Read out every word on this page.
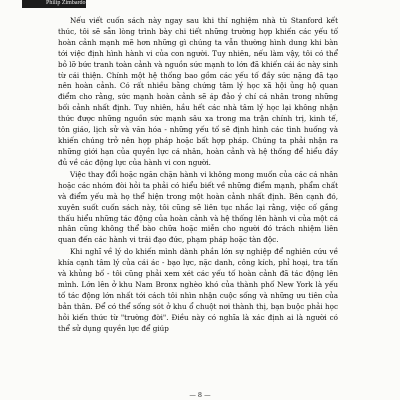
Philip Zimbardo

Nếu viết cuốn sách này ngay sau khi thí nghiệm nhà tù Stanford kết thúc, tôi sẽ sẵn lòng trình bày chi tiết những trường hợp khiến các yếu tố hoàn cảnh mạnh mẽ hơn những gì chúng ta vẫn thường hình dung khi bàn tới việc định hình hành vi của con người. Tuy nhiên, nếu làm vậy, tôi có thể bỏ lỡ bức tranh toàn cảnh và nguồn sức mạnh to lớn đã khiến cái ác này sinh từ cái thiện. Chính một hệ thống bao gồm các yếu tố đầy sức nặng đã tạo nên hoàn cảnh. Có rất nhiều bằng chứng tâm lý học xã hội ủng hộ quan điểm cho rằng, sức mạnh hoàn cảnh sẽ áp đảo ý chí cá nhân trong những bối cảnh nhất định. Tuy nhiên, hầu hết các nhà tâm lý học lại không nhận thức được những nguồn sức mạnh sâu xa trong ma trận chính trị, kinh tế, tôn giáo, lịch sử và văn hóa - những yếu tố sẽ định hình các tình huống và khiến chúng trở nên hợp pháp hoặc bất hợp pháp. Chúng ta phải nhận ra những giới hạn của quyền lực cá nhân, hoàn cảnh và hệ thống để hiểu đầy đủ về các động lực của hành vi con người.

Việc thay đổi hoặc ngăn chặn hành vi không mong muốn của các cá nhân hoặc các nhóm đòi hỏi ta phải có hiểu biết về những điểm mạnh, phẩm chất và điểm yếu mà họ thể hiện trong một hoàn cảnh nhất định. Bên cạnh đó, xuyên suốt cuốn sách này, tôi cũng sẽ liên tục nhắc lại rằng, việc cố gắng thấu hiểu những tác động của hoàn cảnh và hệ thống lên hành vi của một cá nhân cũng không thể bào chữa hoặc miễn cho người đó trách nhiệm liên quan đến các hành vi trái đạo đức, phạm pháp hoặc tàn độc.

Khi nghĩ về lý do khiến mình dành phần lớn sự nghiệp để nghiên cứu về khía cạnh tâm lý của cái ác - bạo lực, nặc danh, công kích, phỉ hoại, tra tấn và khủng bố - tôi cũng phải xem xét các yếu tố hoàn cảnh đã tác động lên mình. Lớn lên ở khu Nam Bronx nghèo khó của thành phố New York là yếu tố tác động lớn nhất tới cách tôi nhìn nhận cuộc sống và những ưu tiên của bản thân. Để có thể sống sót ở khu ổ chuột nơi thành thị, bạn buộc phải học hỏi kiến thức từ "trường đời". Điều này có nghĩa là xác định ai là người có thể sử dụng quyền lực để giúp

— 8 —
